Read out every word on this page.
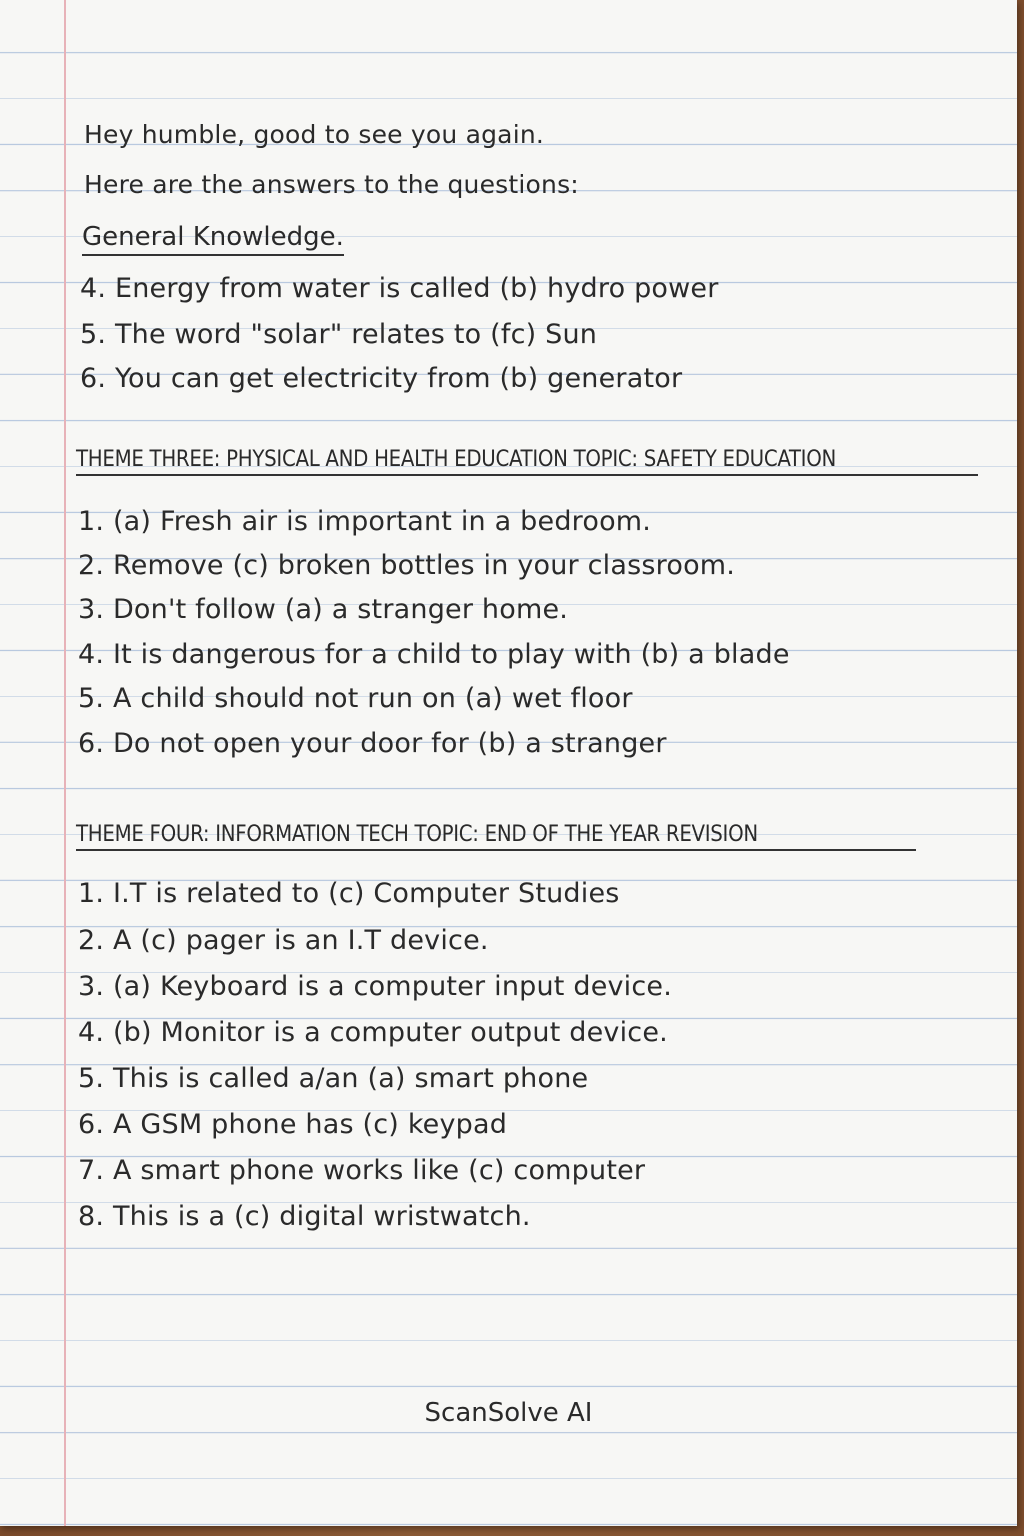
Hey humble, good to see you again.

Here are the answers to the questions:

General Knowledge.

4. Energy from water is called (b) hydro power

5. The word "solar" relates to (fc) Sun

6. You can get electricity from (b) generator

THEME THREE: PHYSICAL AND HEALTH EDUCATION TOPIC: SAFETY EDUCATION

1. (a) Fresh air is important in a bedroom.

2. Remove (c) broken bottles in your classroom.

3. Don't follow (a) a stranger home.

4. It is dangerous for a child to play with (b) a blade

5. A child should not run on (a) wet floor

6. Do not open your door for (b) a stranger

THEME FOUR: INFORMATION TECH TOPIC: END OF THE YEAR REVISION

1. I.T is related to (c) Computer Studies

2. A (c) pager is an I.T device.

3. (a) Keyboard is a computer input device.

4. (b) Monitor is a computer output device.

5. This is called a/an (a) smart phone

6. A GSM phone has (c) keypad

7. A smart phone works like (c) computer

8. This is a (c) digital wristwatch.

ScanSolve AI
